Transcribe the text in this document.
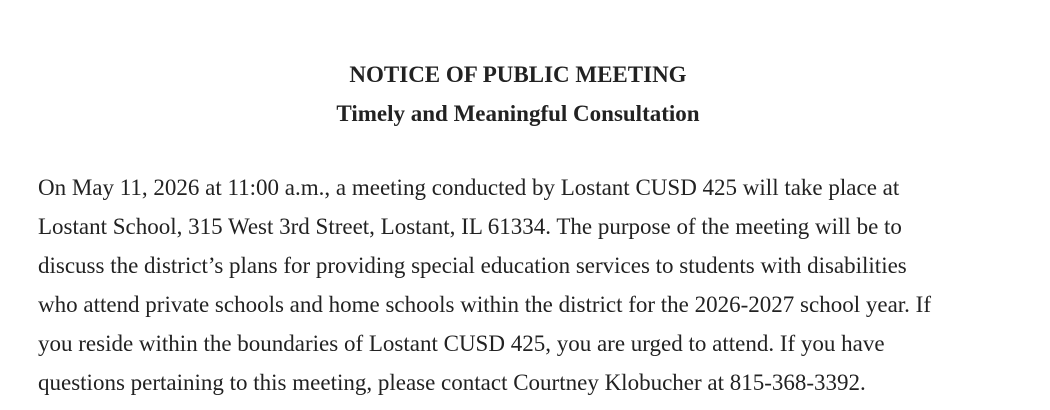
NOTICE OF PUBLIC MEETING
Timely and Meaningful Consultation

On May 11, 2026 at 11:00 a.m., a meeting conducted by Lostant CUSD 425 will take place at
Lostant School, 315 West 3rd Street, Lostant, IL 61334. The purpose of the meeting will be to
discuss the district’s plans for providing special education services to students with disabilities
who attend private schools and home schools within the district for the 2026-2027 school year. If
you reside within the boundaries of Lostant CUSD 425, you are urged to attend. If you have
questions pertaining to this meeting, please contact Courtney Klobucher at 815-368-3392.
